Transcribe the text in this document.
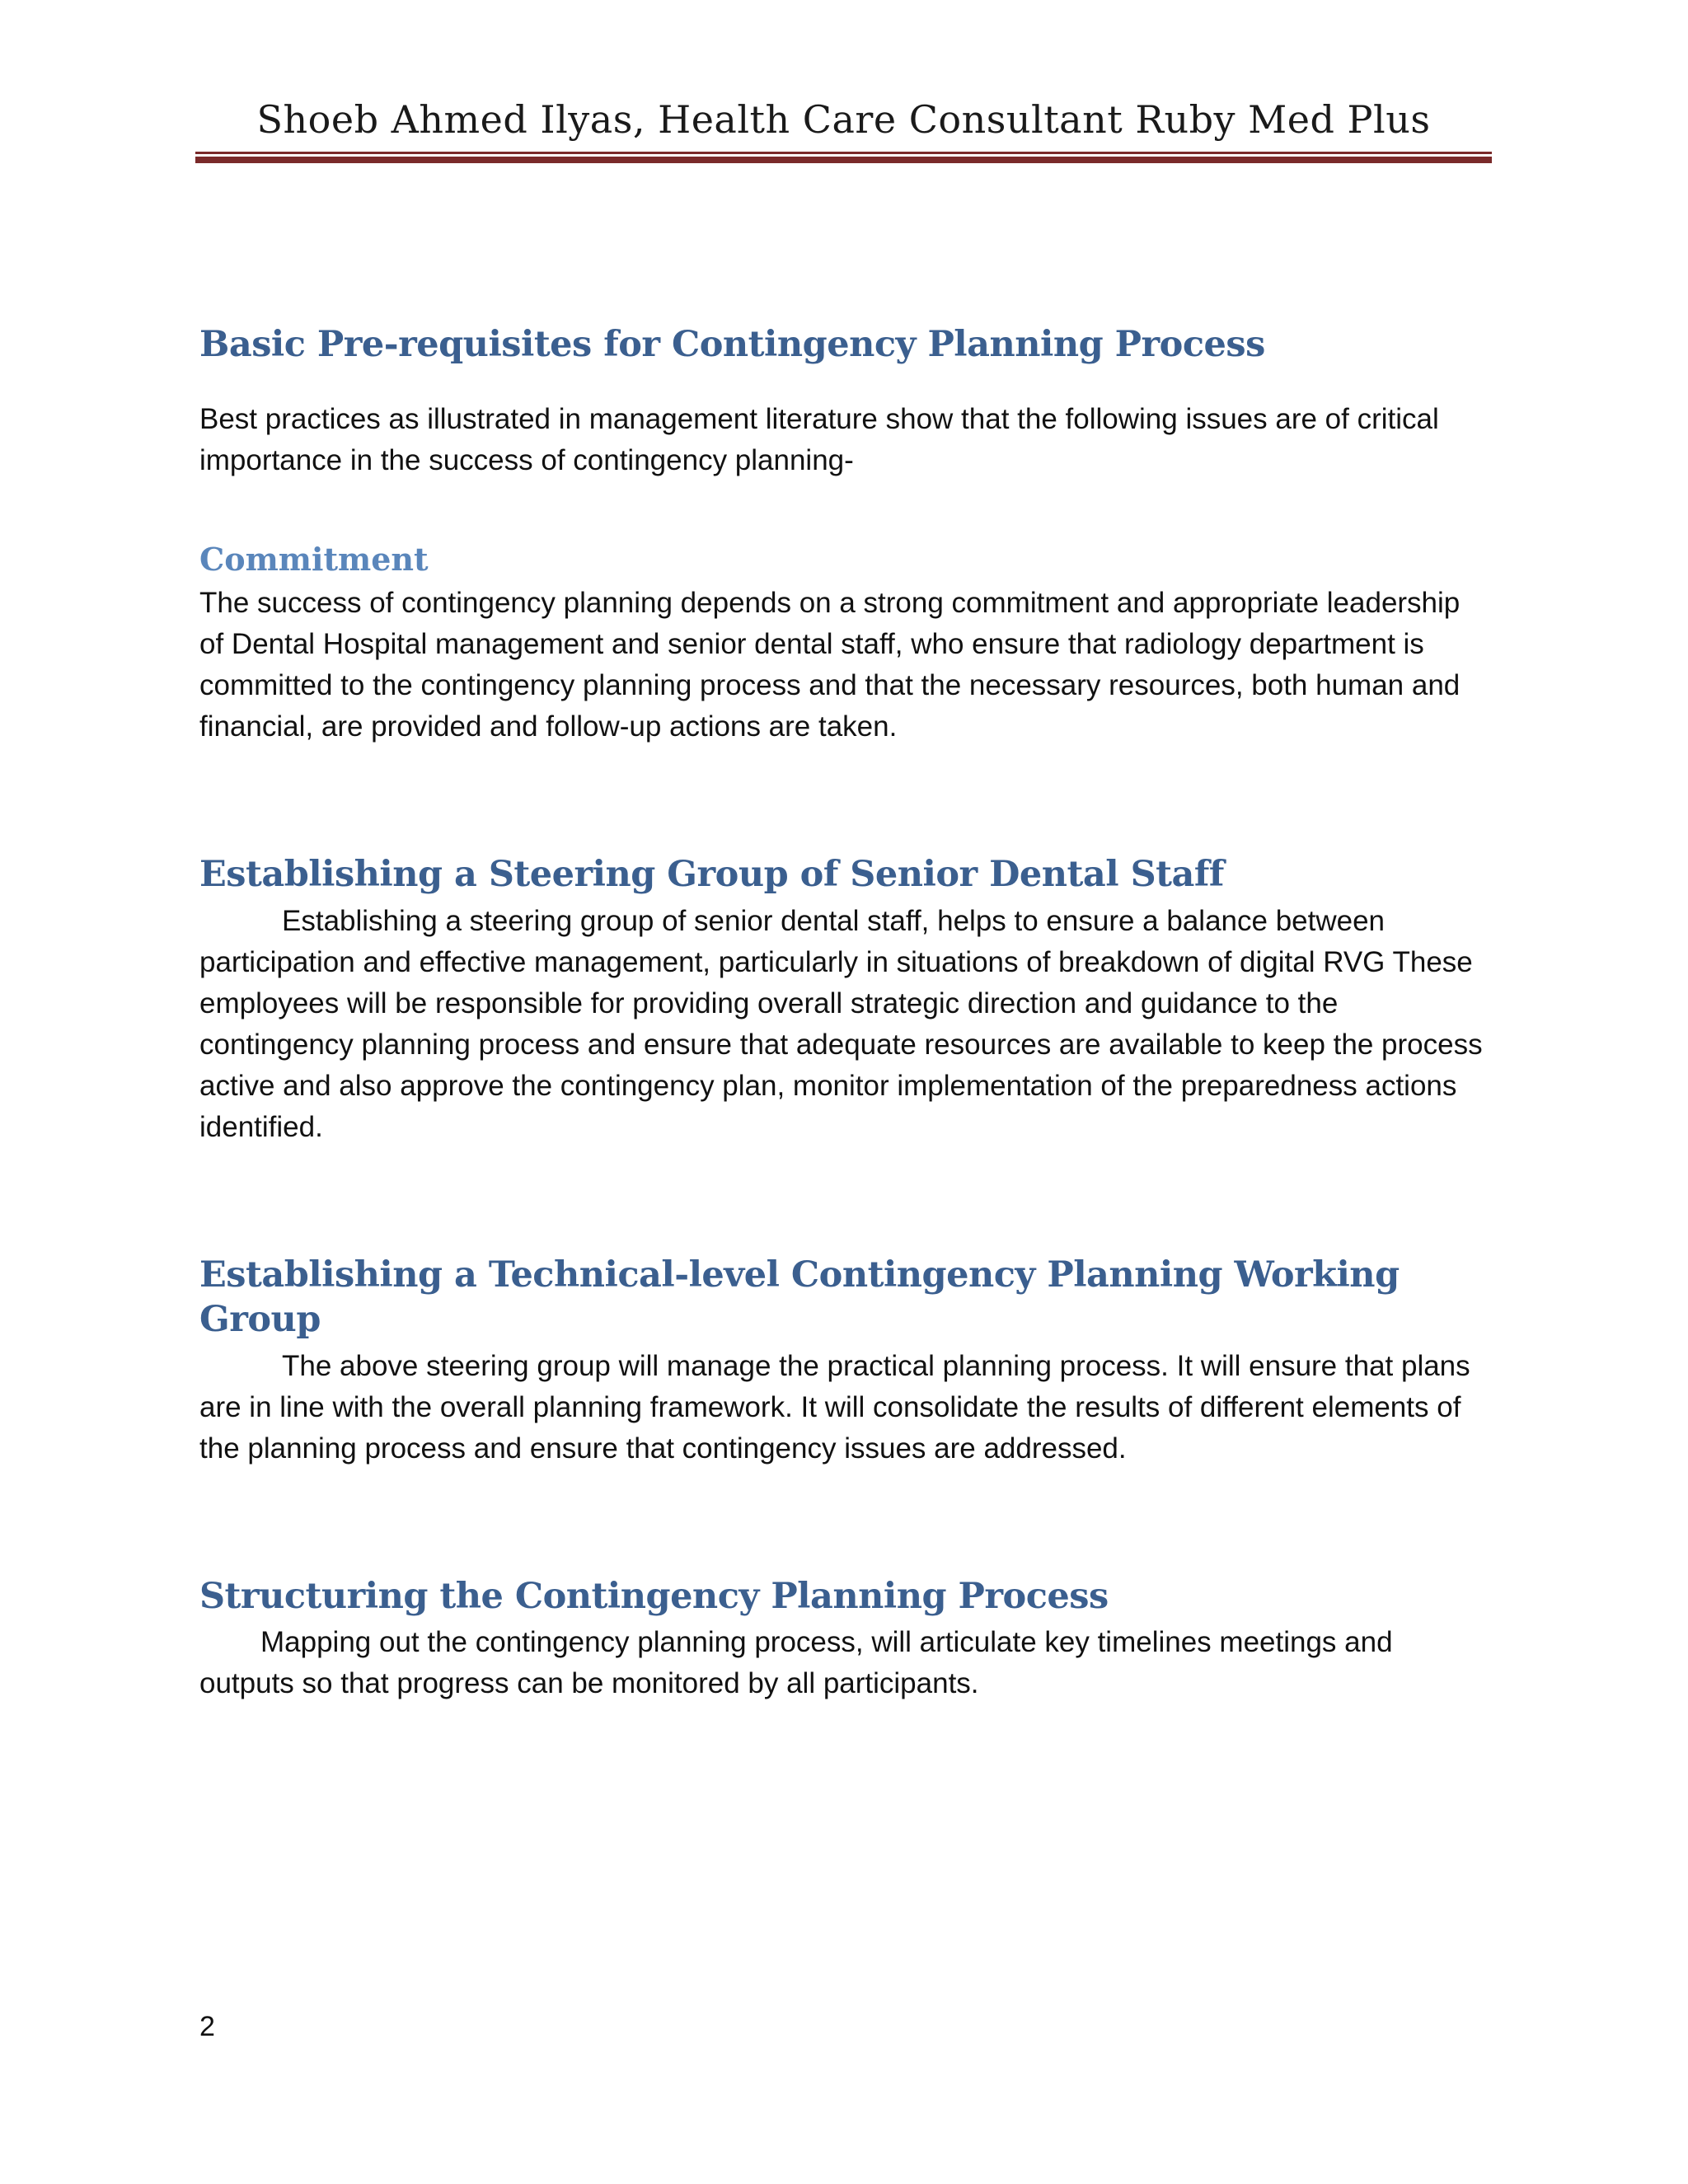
Shoeb Ahmed Ilyas, Health Care Consultant Ruby Med Plus
Basic Pre-requisites for Contingency Planning Process

Best practices as illustrated in management literature show that the following issues are of critical importance in the success of contingency planning-

Commitment

The success of contingency planning depends on a strong commitment and appropriate leadership of Dental Hospital management and senior dental staff, who ensure that radiology department is committed to the contingency planning process and that the necessary resources, both human and financial, are provided and follow-up actions are taken.

Establishing a Steering Group of Senior Dental Staff

Establishing a steering group of senior dental staff, helps to ensure a balance between participation and effective management, particularly in situations of breakdown of digital RVG These employees will be responsible for providing overall strategic direction and guidance to the contingency planning process and ensure that adequate resources are available to keep the process active and also approve the contingency plan, monitor implementation of the preparedness actions identified.

Establishing a Technical-level Contingency Planning Working Group

The above steering group will manage the practical planning process. It will ensure that plans are in line with the overall planning framework. It will consolidate the results of different elements of the planning process and ensure that contingency issues are addressed.

Structuring the Contingency Planning Process

Mapping out the contingency planning process, will articulate key timelines meetings and outputs so that progress can be monitored by all participants.

2
